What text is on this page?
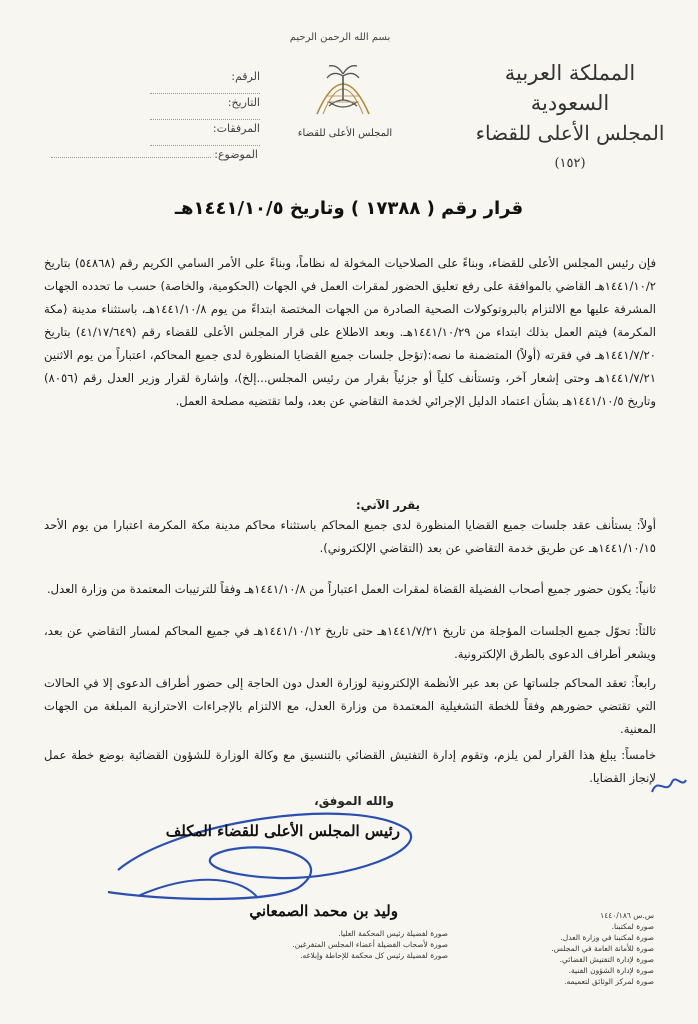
بسم الله الرحمن الرحيم
المجلس الأعلى للقضاء
المملكة العربية السعودية
المجلس الأعلى للقضاء
(١٥٢)
الرقم:
التاريخ:
المرفقات:
الموضوع:
قرار رقم ( ١٧٣٨٨ ) وتاريخ ١٤٤١/١٠/٥هـ
فإن رئيس المجلس الأعلى للقضاء، وبناءً على الصلاحيات المخولة له نظاماً، وبناءً على الأمر السامي الكريم رقم (٥٤٨٦٨) بتاريخ ١٤٤١/١٠/٢هـ القاضي بالموافقة على رفع تعليق الحضور لمقرات العمل في الجهات (الحكومية، والخاصة) حسب ما تحدده الجهات المشرفة عليها مع الالتزام بالبروتوكولات الصحية الصادرة من الجهات المختصة ابتداءً من يوم ١٤٤١/١٠/٨هـ، باستثناء مدينة (مكة المكرمة) فيتم العمل بذلك ابتداء من ١٤٤١/١٠/٢٩هـ. وبعد الاطلاع على قرار المجلس الأعلى للقضاء رقم (٤١/١٧/٦٤٩) بتاريخ ١٤٤١/٧/٢٠هـ في فقرته (أولاً) المتضمنة ما نصه:(تؤجل جلسات جميع القضايا المنظورة لدى جميع المحاكم، اعتباراً من يوم الاثنين ١٤٤١/٧/٢١هـ وحتى إشعار آخر، وتستأنف كلياً أو جزئياً بقرار من رئيس المجلس...إلخ)، وإشارة لقرار وزير العدل رقم (٨٠٥٦) وتاريخ ١٤٤١/١٠/٥هـ بشأن اعتماد الدليل الإجرائي لخدمة التقاضي عن بعد، ولما تقتضيه مصلحة العمل.
يقرر الآتي:
أولاً: يستأنف عقد جلسات جميع القضايا المنظورة لدى جميع المحاكم باستثناء محاكم مدينة مكة المكرمة اعتبارا من يوم الأحد ١٤٤١/١٠/١٥هـ عن طريق خدمة التقاضي عن بعد (التقاضي الإلكتروني).
ثانياً: يكون حضور جميع أصحاب الفضيلة القضاة لمقرات العمل اعتباراً من ١٤٤١/١٠/٨هـ وفقاً للترتيبات المعتمدة من وزارة العدل.
ثالثاً: تحوّل جميع الجلسات المؤجلة من تاريخ ١٤٤١/٧/٢١هـ حتى تاريخ ١٤٤١/١٠/١٢هـ في جميع المحاكم لمسار التقاضي عن بعد، ويشعر أطراف الدعوى بالطرق الإلكترونية.
رابعاً: تعقد المحاكم جلساتها عن بعد عبر الأنظمة الإلكترونية لوزارة العدل دون الحاجة إلى حضور أطراف الدعوى إلا في الحالات التي تقتضي حضورهم وفقاً للخطة التشغيلية المعتمدة من وزارة العدل، مع الالتزام بالإجراءات الاحترازية المبلغة من الجهات المعنية.
خامساً: يبلغ هذا القرار لمن يلزم، وتقوم إدارة التفتيش القضائي بالتنسيق مع وكالة الوزارة للشؤون القضائية بوضع خطة عمل لإنجاز القضايا.
والله الموفق،
رئيس المجلس الأعلى للقضاء المكلف
وليد بن محمد الصمعاني	س.س ١٤٤٠/١٨٦
صورة لمكتبنا.
صورة لمكتبنا في وزارة العدل.
صورة للأمانة العامة في المجلس.
صورة لإدارة التفتيش القضائي.
صورة لإدارة الشؤون الفنية.
صورة لمركز الوثائق لتعميمه.
صورة لفضيلة رئيس المحكمة العليا.
صورة لأصحاب الفضيلة أعضاء المجلس المتفرغين.
صورة لفضيلة رئيس كل محكمة للإحاطة وإبلاغه.
